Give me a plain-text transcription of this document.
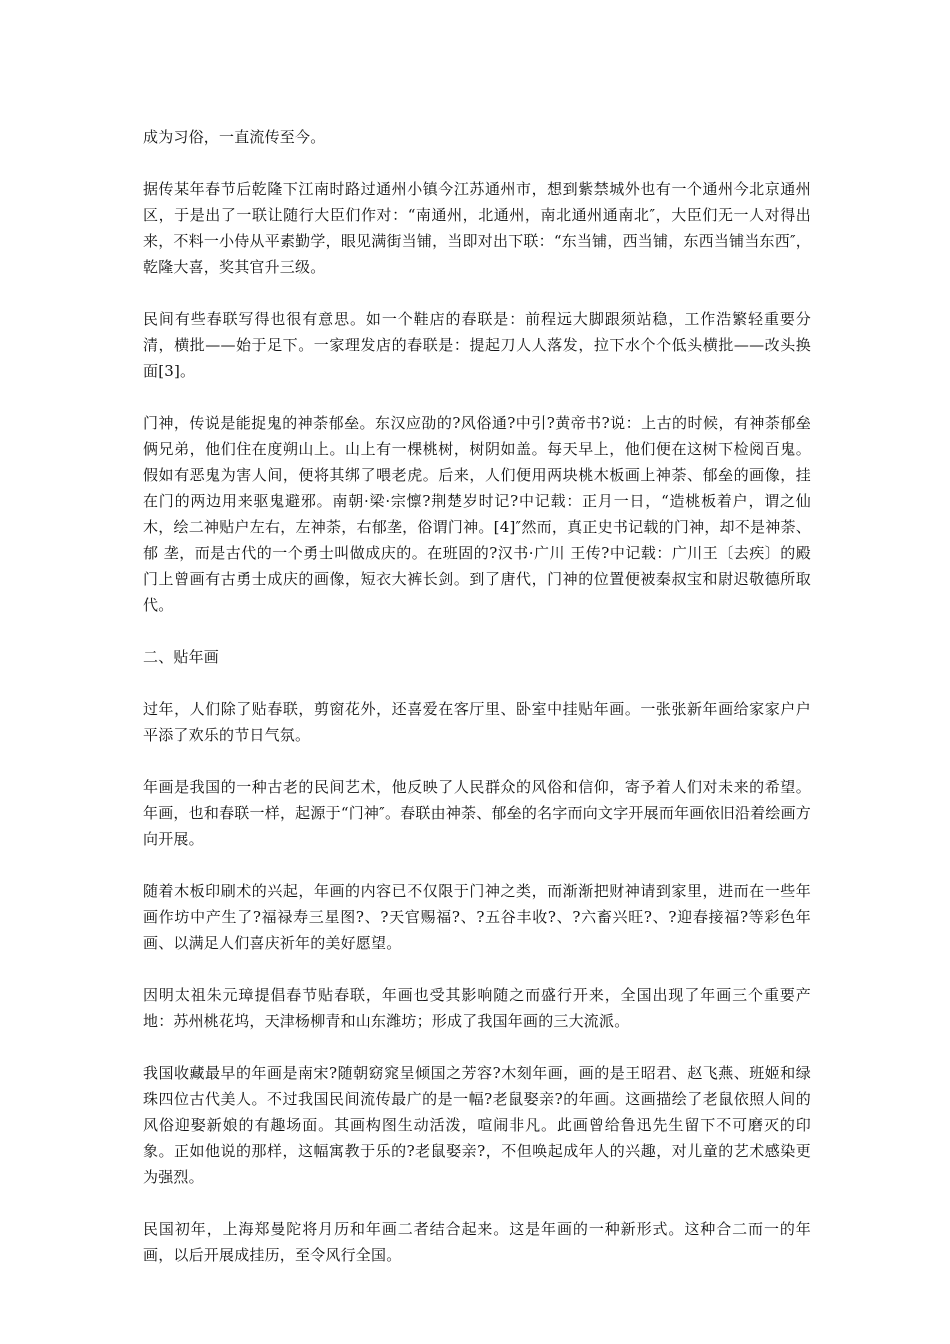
成为习俗，一直流传至今。

据传某年春节后乾隆下江南时路过通州小镇今江苏通州市，想到紫禁城外也有一个通州今北京通州区，于是出了一联让随行大臣们作对：“南通州，北通州，南北通州通南北″，大臣们无一人对得出来，不料一小侍从平素勤学，眼见满街当铺，当即对出下联：“东当铺，西当铺，东西当铺当东西″，乾隆大喜，奖其官升三级。

民间有些春联写得也很有意思。如一个鞋店的春联是：前程远大脚跟须站稳，工作浩繁轻重要分清，横批——始于足下。一家理发店的春联是：提起刀人人落发，拉下水个个低头横批——改头换面[3]。

门神，传说是能捉鬼的神荼郁垒。东汉应劭的?风俗通?中引?黄帝书?说：上古的时候，有神荼郁垒俩兄弟，他们住在度朔山上。山上有一棵桃树，树阴如盖。每天早上，他们便在这树下检阅百鬼。假如有恶鬼为害人间，便将其绑了喂老虎。后来，人们便用两块桃木板画上神荼、郁垒的画像，挂在门的两边用来驱鬼避邪。南朝·梁·宗懔?荆楚岁时记?中记载：正月一日，“造桃板着户，谓之仙木，绘二神贴户左右，左神荼，右郁垄，俗谓门神。[4]″然而，真正史书记载的门神，却不是神荼、郁 垄，而是古代的一个勇士叫做成庆的。在班固的?汉书·广川 王传?中记载：广川王〔去疾〕的殿门上曾画有古勇士成庆的画像，短衣大裤长剑。到了唐代，门神的位置便被秦叔宝和尉迟敬德所取代。

二、贴年画

过年，人们除了贴春联，剪窗花外，还喜爱在客厅里、卧室中挂贴年画。一张张新年画给家家户户平添了欢乐的节日气氛。

年画是我国的一种古老的民间艺术，他反映了人民群众的风俗和信仰，寄予着人们对未来的希望。年画，也和春联一样，起源于“门神″。春联由神荼、郁垒的名字而向文字开展而年画依旧沿着绘画方向开展。

随着木板印刷术的兴起，年画的内容已不仅限于门神之类，而渐渐把财神请到家里，进而在一些年画作坊中产生了?福禄寿三星图?、?天官赐福?、?五谷丰收?、?六畜兴旺?、?迎春接福?等彩色年画、以满足人们喜庆祈年的美好愿望。

因明太祖朱元璋提倡春节贴春联，年画也受其影响随之而盛行开来，全国出现了年画三个重要产地：苏州桃花坞，天津杨柳青和山东潍坊；形成了我国年画的三大流派。

我国收藏最早的年画是南宋?随朝窈窕呈倾国之芳容?木刻年画，画的是王昭君、赵飞燕、班姬和绿珠四位古代美人。不过我国民间流传最广的是一幅?老鼠娶亲?的年画。这画描绘了老鼠依照人间的风俗迎娶新娘的有趣场面。其画构图生动活泼，喧闹非凡。此画曾给鲁迅先生留下不可磨灭的印象。正如他说的那样，这幅寓教于乐的?老鼠娶亲?，不但唤起成年人的兴趣，对儿童的艺术感染更为强烈。

民国初年，上海郑曼陀将月历和年画二者结合起来。这是年画的一种新形式。这种合二而一的年画，以后开展成挂历，至令风行全国。
